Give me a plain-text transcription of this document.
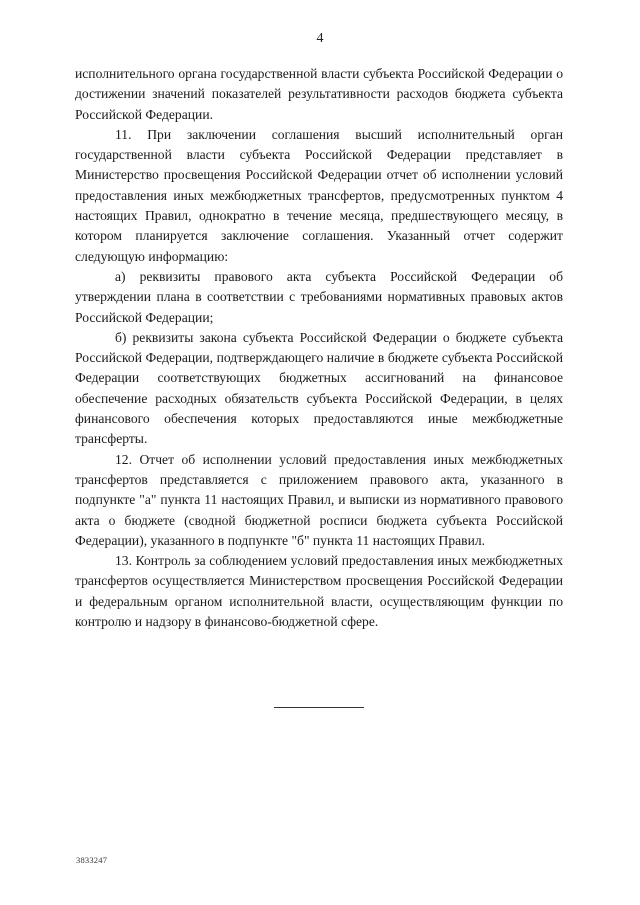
4

исполнительного органа государственной власти субъекта Российской Федерации о достижении значений показателей результативности расходов бюджета субъекта Российской Федерации.

11. При заключении соглашения высший исполнительный орган государственной власти субъекта Российской Федерации представляет в Министерство просвещения Российской Федерации отчет об исполнении условий предоставления иных межбюджетных трансфертов, предусмотренных пунктом 4 настоящих Правил, однократно в течение месяца, предшествующего месяцу, в котором планируется заключение соглашения. Указанный отчет содержит следующую информацию:

а) реквизиты правового акта субъекта Российской Федерации об утверждении плана в соответствии с требованиями нормативных правовых актов Российской Федерации;

б) реквизиты закона субъекта Российской Федерации о бюджете субъекта Российской Федерации, подтверждающего наличие в бюджете субъекта Российской Федерации соответствующих бюджетных ассигнований на финансовое обеспечение расходных обязательств субъекта Российской Федерации, в целях финансового обеспечения которых предоставляются иные межбюджетные трансферты.

12. Отчет об исполнении условий предоставления иных межбюджетных трансфертов представляется с приложением правового акта, указанного в подпункте "а" пункта 11 настоящих Правил, и выписки из нормативного правового акта о бюджете (сводной бюджетной росписи бюджета субъекта Российской Федерации), указанного в подпункте "б" пункта 11 настоящих Правил.

13. Контроль за соблюдением условий предоставления иных межбюджетных трансфертов осуществляется Министерством просвещения Российской Федерации и федеральным органом исполнительной власти, осуществляющим функции по контролю и надзору в финансово-бюджетной сфере.

3833247
